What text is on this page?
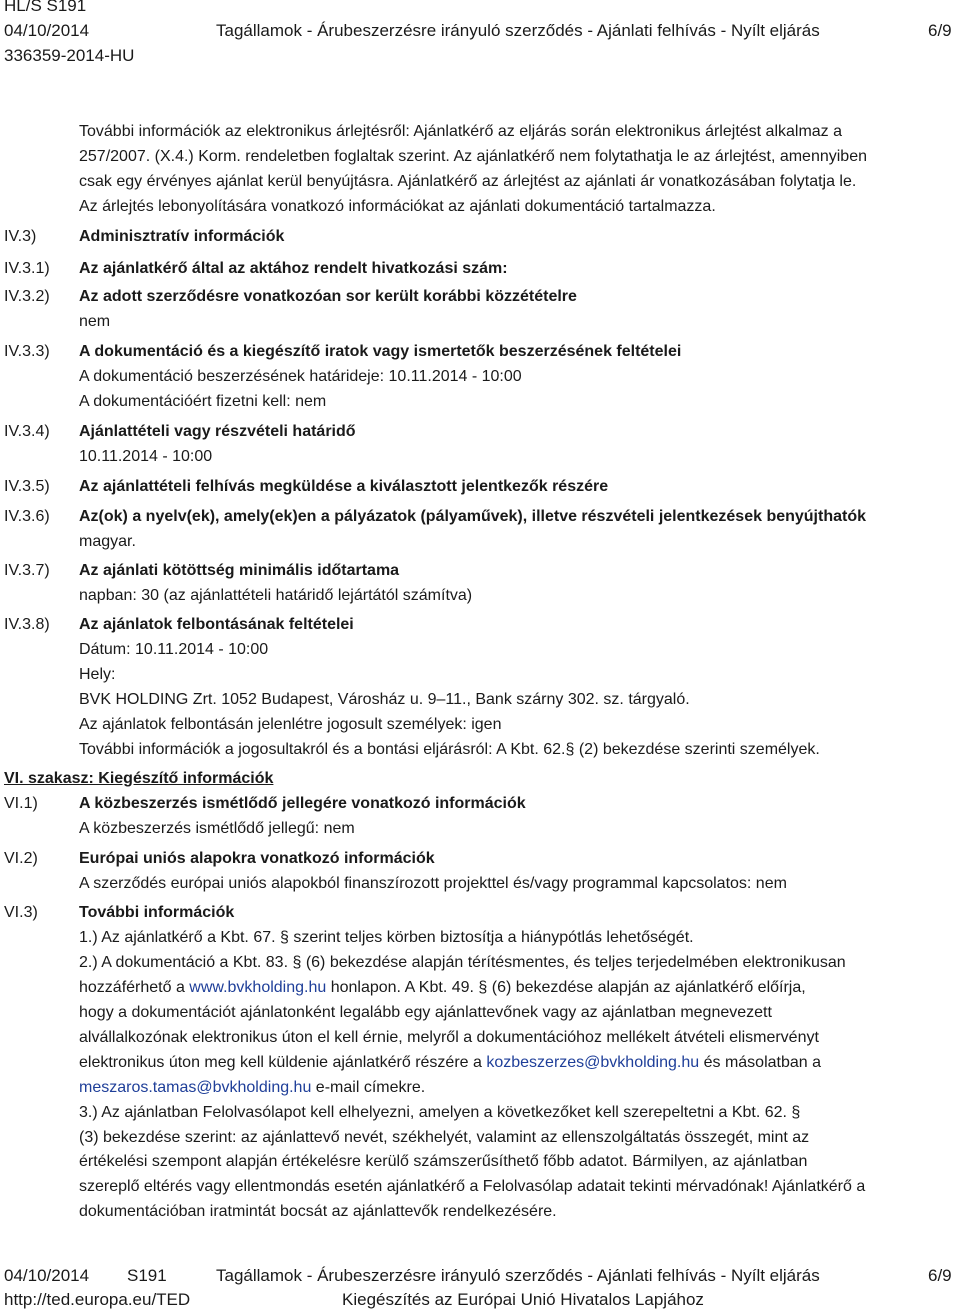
HL/S S191
04/10/2014	Tagállamok - Árubeszerzésre irányuló szerződés - Ajánlati felhívás - Nyílt eljárás	6/9
336359-2014-HU
További információk az elektronikus árlejtésről: Ajánlatkérő az eljárás során elektronikus árlejtést alkalmaz a
257/2007. (X.4.) Korm. rendeletben foglaltak szerint. Az ajánlatkérő nem folytathatja le az árlejtést, amennyiben
csak egy érvényes ajánlat kerül benyújtásra. Ajánlatkérő az árlejtést az ajánlati ár vonatkozásában folytatja le.
Az árlejtés lebonyolítására vonatkozó információkat az ajánlati dokumentáció tartalmazza.
IV.3)	Adminisztratív információk
IV.3.1) Az ajánlatkérő által az aktához rendelt hivatkozási szám:
IV.3.2) Az adott szerződésre vonatkozóan sor került korábbi közzétételre
nem
IV.3.3) A dokumentáció és a kiegészítő iratok vagy ismertetők beszerzésének feltételei
A dokumentáció beszerzésének határideje: 10.11.2014 - 10:00
A dokumentációért fizetni kell: nem
IV.3.4) Ajánlattételi vagy részvételi határidő
10.11.2014 - 10:00
IV.3.5) Az ajánlattételi felhívás megküldése a kiválasztott jelentkezők részére
IV.3.6) Az(ok) a nyelv(ek), amely(ek)en a pályázatok (pályaművek), illetve részvételi jelentkezések benyújthatók
magyar.
IV.3.7) Az ajánlati kötöttség minimális időtartama
napban: 30 (az ajánlattételi határidő lejártától számítva)
IV.3.8) Az ajánlatok felbontásának feltételei
Dátum: 10.11.2014 - 10:00
Hely:
BVK HOLDING Zrt. 1052 Budapest, Városház u. 9–11., Bank szárny 302. sz. tárgyaló.
Az ajánlatok felbontásán jelenlétre jogosult személyek: igen
További információk a jogosultakról és a bontási eljárásról: A Kbt. 62.§ (2) bekezdése szerinti személyek.
VI. szakasz: Kiegészítő információk
VI.1)	A közbeszerzés ismétlődő jellegére vonatkozó információk
A közbeszerzés ismétlődő jellegű: nem
VI.2)	Európai uniós alapokra vonatkozó információk
A szerződés európai uniós alapokból finanszírozott projekttel és/vagy programmal kapcsolatos: nem
VI.3)	További információk
1.) Az ajánlatkérő a Kbt. 67. § szerint teljes körben biztosítja a hiánypótlás lehetőségét.
2.) A dokumentáció a Kbt. 83. § (6) bekezdése alapján térítésmentes, és teljes terjedelmében elektronikusan
hozzáférhető a www.bvkholding.hu honlapon. A Kbt. 49. § (6) bekezdése alapján az ajánlatkérő előírja,
hogy a dokumentációt ajánlatonként legalább egy ajánlattevőnek vagy az ajánlatban megnevezett
alvállalkozónak elektronikus úton el kell érnie, melyről a dokumentációhoz mellékelt átvételi elismervényt
elektronikus úton meg kell küldenie ajánlatkérő részére a kozbeszerzes@bvkholding.hu és másolatban a
meszaros.tamas@bvkholding.hu e-mail címekre.
3.) Az ajánlatban Felolvasólapot kell elhelyezni, amelyen a következőket kell szerepeltetni a Kbt. 62. §
(3) bekezdése szerint: az ajánlattevő nevét, székhelyét, valamint az ellenszolgáltatás összegét, mint az
értékelési szempont alapján értékelésre kerülő számszerűsíthető főbb adatot. Bármilyen, az ajánlatban
szereplő eltérés vagy ellentmondás esetén ajánlatkérő a Felolvasólap adatait tekinti mérvadónak! Ajánlatkérő a
dokumentációban iratmintát bocsát az ajánlattevők rendelkezésére.
04/10/2014 S191	Tagállamok - Árubeszerzésre irányuló szerződés - Ajánlati felhívás - Nyílt eljárás	6/9
http://ted.europa.eu/TED	Kiegészítés az Európai Unió Hivatalos Lapjához
